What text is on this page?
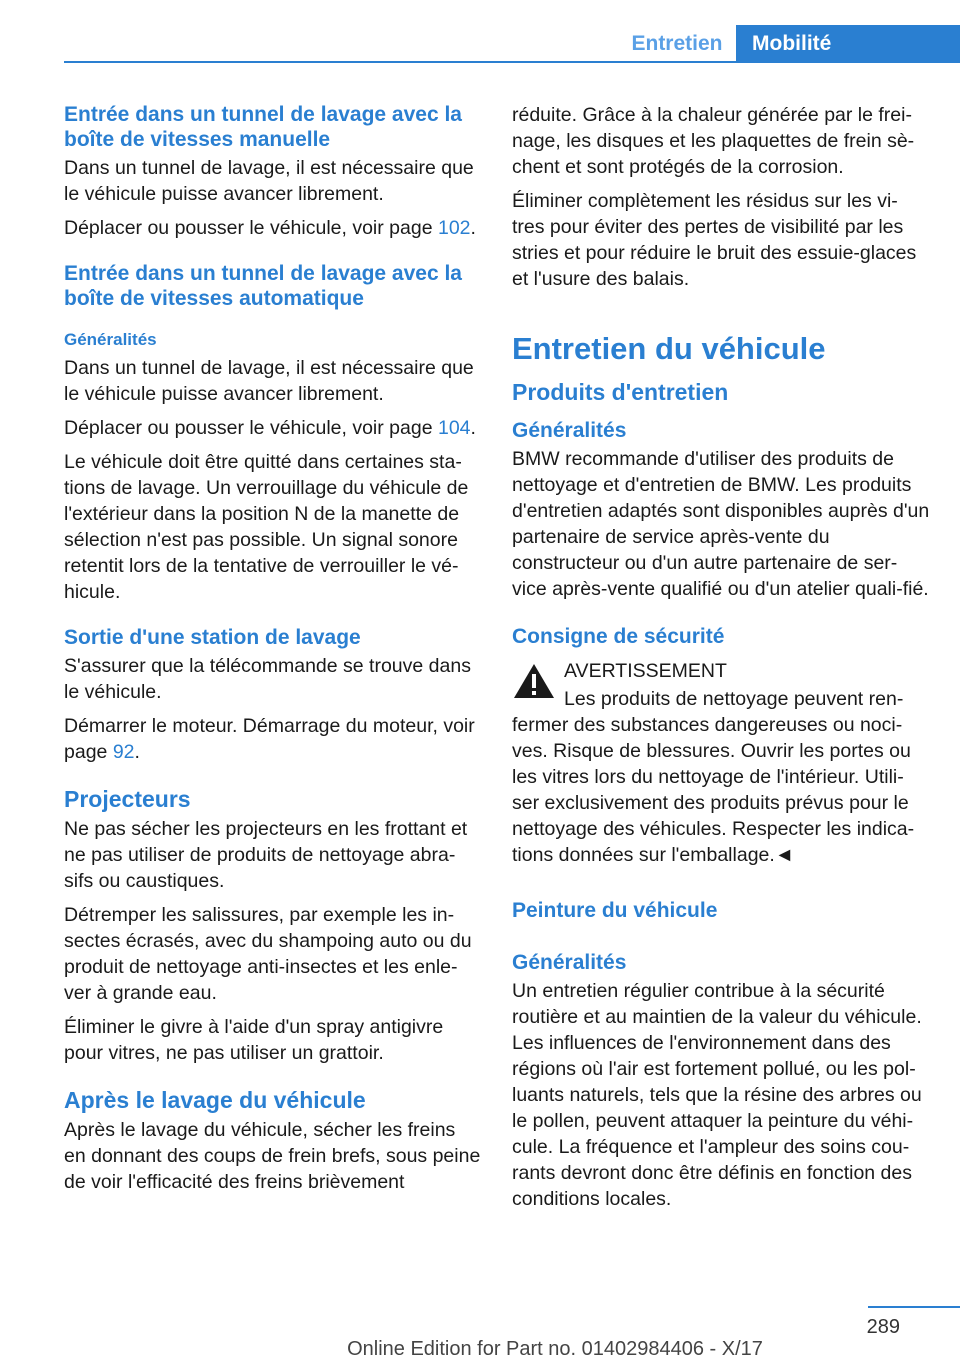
Entretien	Mobilité
Entrée dans un tunnel de lavage avec la boîte de vitesses manuelle

Dans un tunnel de lavage, il est nécessaire que le véhicule puisse avancer librement.

Déplacer ou pousser le véhicule, voir page 102.

Entrée dans un tunnel de lavage avec la boîte de vitesses automatique
Généralités

Dans un tunnel de lavage, il est nécessaire que le véhicule puisse avancer librement.

Déplacer ou pousser le véhicule, voir page 104.

Le véhicule doit être quitté dans certaines sta-tions de lavage. Un verrouillage du véhicule de l'extérieur dans la position N de la manette de sélection n'est pas possible. Un signal sonore retentit lors de la tentative de verrouiller le vé-hicule.

Sortie d'une station de lavage

S'assurer que la télécommande se trouve dans le véhicule.

Démarrer le moteur. Démarrage du moteur, voir page 92.

Projecteurs

Ne pas sécher les projecteurs en les frottant et ne pas utiliser de produits de nettoyage abra-sifs ou caustiques.

Détremper les salissures, par exemple les in-sectes écrasés, avec du shampoing auto ou du produit de nettoyage anti-insectes et les enle-ver à grande eau.

Éliminer le givre à l'aide d'un spray antigivre pour vitres, ne pas utiliser un grattoir.

Après le lavage du véhicule

Après le lavage du véhicule, sécher les freins en donnant des coups de frein brefs, sous peine de voir l'efficacité des freins brièvement

réduite. Grâce à la chaleur générée par le frei-nage, les disques et les plaquettes de frein sè-chent et sont protégés de la corrosion.

Éliminer complètement les résidus sur les vi-tres pour éviter des pertes de visibilité par les stries et pour réduire le bruit des essuie-glaces et l'usure des balais.

Entretien du véhicule
Produits d'entretien
Généralités

BMW recommande d'utiliser des produits de nettoyage et d'entretien de BMW. Les produits d'entretien adaptés sont disponibles auprès d'un partenaire de service après-vente du constructeur ou d'un autre partenaire de ser-vice après-vente qualifié ou d'un atelier quali-fié.

Consigne de sécurité

AVERTISSEMENT

Les produits de nettoyage peuvent ren-

fermer des substances dangereuses ou noci-ves. Risque de blessures. Ouvrir les portes ou les vitres lors du nettoyage de l'intérieur. Utili-ser exclusivement des produits prévus pour le nettoyage des véhicules. Respecter les indica-tions données sur l'emballage.◄

Peinture du véhicule
Généralités

Un entretien régulier contribue à la sécurité routière et au maintien de la valeur du véhicule. Les influences de l'environnement dans des régions où l'air est fortement pollué, ou les pol-luants naturels, tels que la résine des arbres ou le pollen, peuvent attaquer la peinture du véhi-cule. La fréquence et l'ampleur des soins cou-rants devront donc être définis en fonction des conditions locales.

289
Online Edition for Part no. 01402984406 - X/17
